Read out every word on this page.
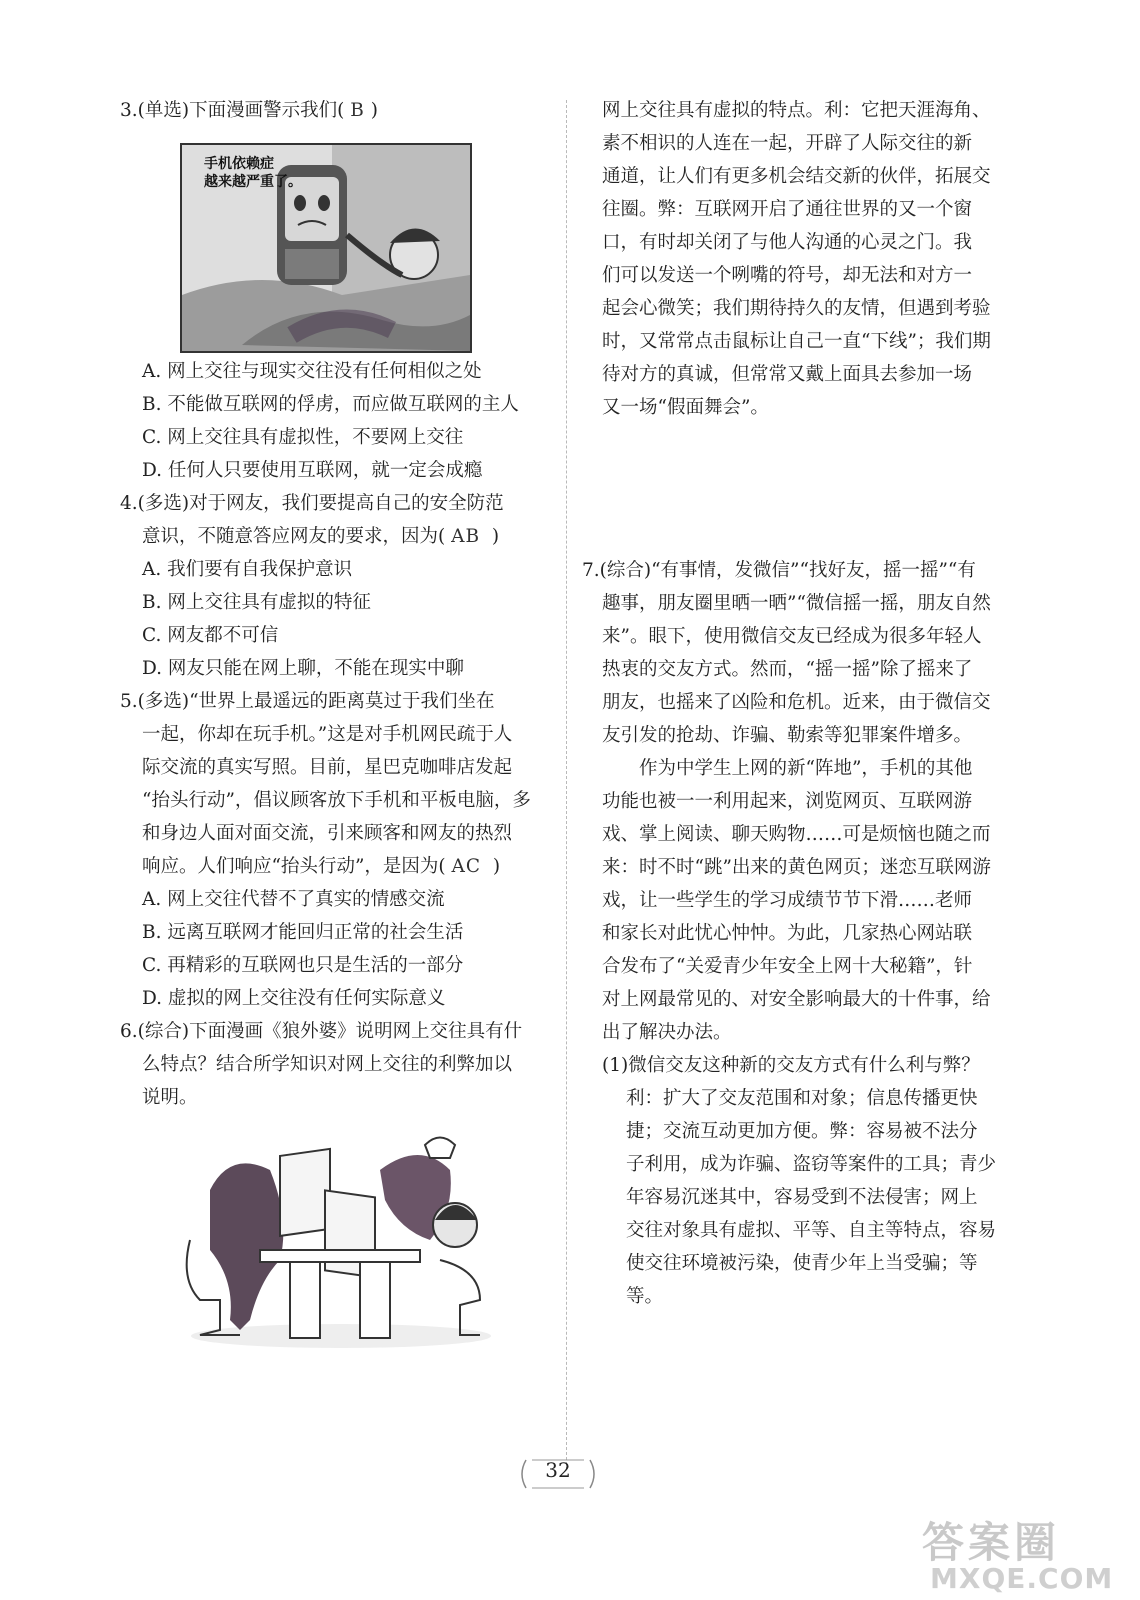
3.(单选)下面漫画警示我们( B )

A. 网上交往与现实交往没有任何相似之处

B. 不能做互联网的俘虏，而应做互联网的主人

C. 网上交往具有虚拟性，不要网上交往

D. 任何人只要使用互联网，就一定会成瘾

4.(多选)对于网友，我们要提高自己的安全防范

意识，不随意答应网友的要求，因为( AB )

A. 我们要有自我保护意识

B. 网上交往具有虚拟的特征

C. 网友都不可信

D. 网友只能在网上聊，不能在现实中聊

5.(多选)“世界上最遥远的距离莫过于我们坐在

一起，你却在玩手机。”这是对手机网民疏于人

际交流的真实写照。目前，星巴克咖啡店发起

“抬头行动”，倡议顾客放下手机和平板电脑，多

和身边人面对面交流，引来顾客和网友的热烈

响应。人们响应“抬头行动”，是因为( AC )

A. 网上交往代替不了真实的情感交流

B. 远离互联网才能回归正常的社会生活

C. 再精彩的互联网也只是生活的一部分

D. 虚拟的网上交往没有任何实际意义

6.(综合)下面漫画《狼外婆》说明网上交往具有什

么特点？结合所学知识对网上交往的利弊加以

说明。

手机依赖症
越来越严重了。

网上交往具有虚拟的特点。利：它把天涯海角、

素不相识的人连在一起，开辟了人际交往的新

通道，让人们有更多机会结交新的伙伴，拓展交

往圈。弊：互联网开启了通往世界的又一个窗

口，有时却关闭了与他人沟通的心灵之门。我

们可以发送一个咧嘴的符号，却无法和对方一

起会心微笑；我们期待持久的友情，但遇到考验

时，又常常点击鼠标让自己一直“下线”；我们期

待对方的真诚，但常常又戴上面具去参加一场

又一场“假面舞会”。

7.(综合)“有事情，发微信”“找好友，摇一摇”“有

趣事，朋友圈里晒一晒”“微信摇一摇，朋友自然

来”。眼下，使用微信交友已经成为很多年轻人

热衷的交友方式。然而，“摇一摇”除了摇来了

朋友，也摇来了凶险和危机。近来，由于微信交

友引发的抢劫、诈骗、勒索等犯罪案件增多。

作为中学生上网的新“阵地”，手机的其他

功能也被一一利用起来，浏览网页、互联网游

戏、掌上阅读、聊天购物……可是烦恼也随之而

来：时不时“跳”出来的黄色网页；迷恋互联网游

戏，让一些学生的学习成绩节节下滑……老师

和家长对此忧心忡忡。为此，几家热心网站联

合发布了“关爱青少年安全上网十大秘籍”，针

对上网最常见的、对安全影响最大的十件事，给

出了解决办法。

(1)微信交友这种新的交友方式有什么利与弊？

利：扩大了交友范围和对象；信息传播更快

捷；交流互动更加方便。弊：容易被不法分

子利用，成为诈骗、盗窃等案件的工具；青少

年容易沉迷其中，容易受到不法侵害；网上

交往对象具有虚拟、平等、自主等特点，容易

使交往环境被污染，使青少年上当受骗；等

等。

32
答案圈
MXQE.COM
